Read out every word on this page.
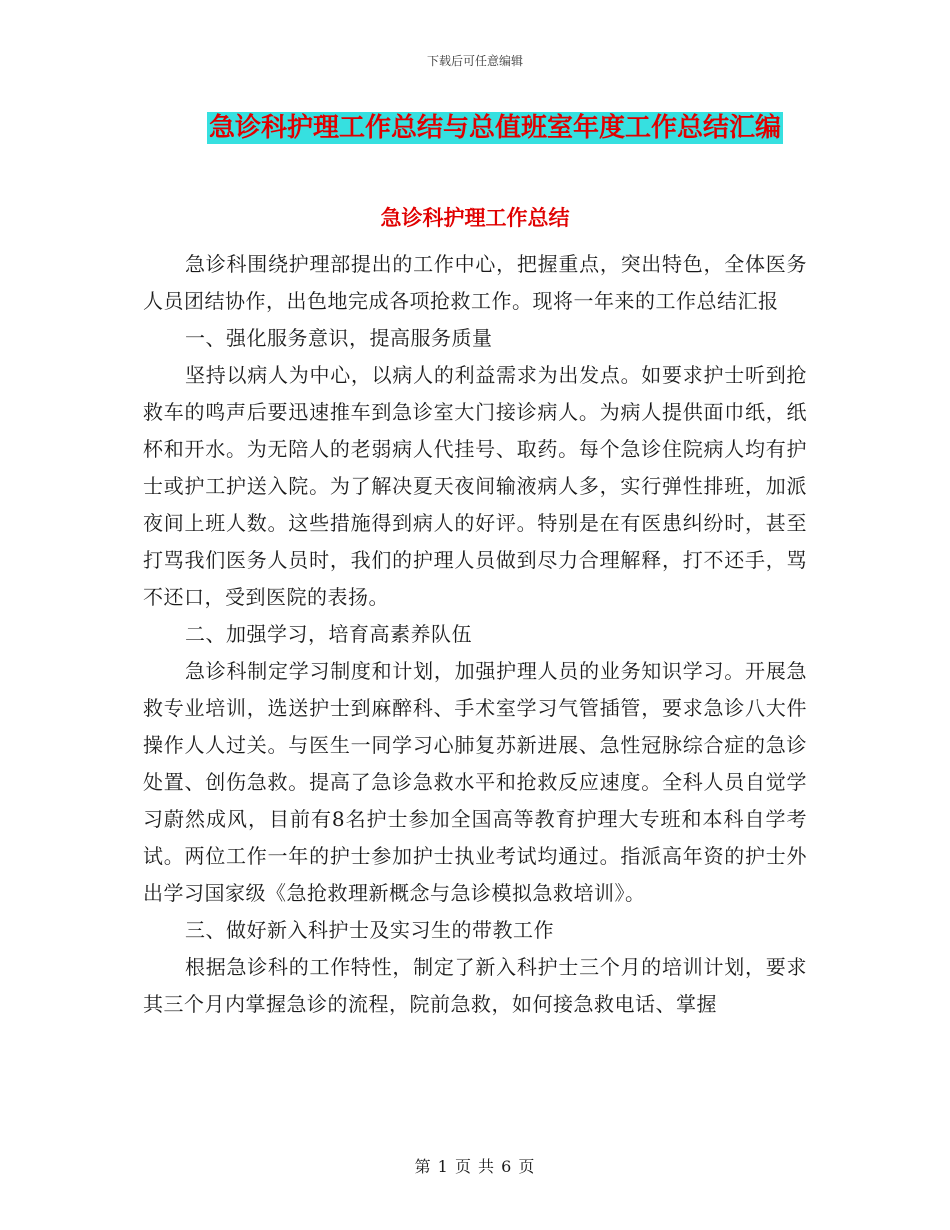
下载后可任意编辑
急诊科护理工作总结与总值班室年度工作总结汇编
急诊科护理工作总结

急诊科围绕护理部提出的工作中心，把握重点，突出特色，全体医务人员团结协作，出色地完成各项抢救工作。现将一年来的工作总结汇报

一、强化服务意识，提高服务质量

坚持以病人为中心，以病人的利益需求为出发点。如要求护士听到抢救车的鸣声后要迅速推车到急诊室大门接诊病人。为病人提供面巾纸，纸杯和开水。为无陪人的老弱病人代挂号、取药。每个急诊住院病人均有护士或护工护送入院。为了解决夏天夜间输液病人多，实行弹性排班，加派夜间上班人数。这些措施得到病人的好评。特别是在有医患纠纷时，甚至打骂我们医务人员时，我们的护理人员做到尽力合理解释，打不还手，骂不还口，受到医院的表扬。

二、加强学习，培育高素养队伍

急诊科制定学习制度和计划，加强护理人员的业务知识学习。开展急救专业培训，选送护士到麻醉科、手术室学习气管插管，要求急诊八大件操作人人过关。与医生一同学习心肺复苏新进展、急性冠脉综合症的急诊处置、创伤急救。提高了急诊急救水平和抢救反应速度。全科人员自觉学习蔚然成风，目前有8名护士参加全国高等教育护理大专班和本科自学考试。两位工作一年的护士参加护士执业考试均通过。指派高年资的护士外出学习国家级《急抢救理新概念与急诊模拟急救培训》。

三、做好新入科护士及实习生的带教工作

根据急诊科的工作特性，制定了新入科护士三个月的培训计划，要求其三个月内掌握急诊的流程，院前急救，如何接急救电话、掌握

第 1 页 共 6 页
